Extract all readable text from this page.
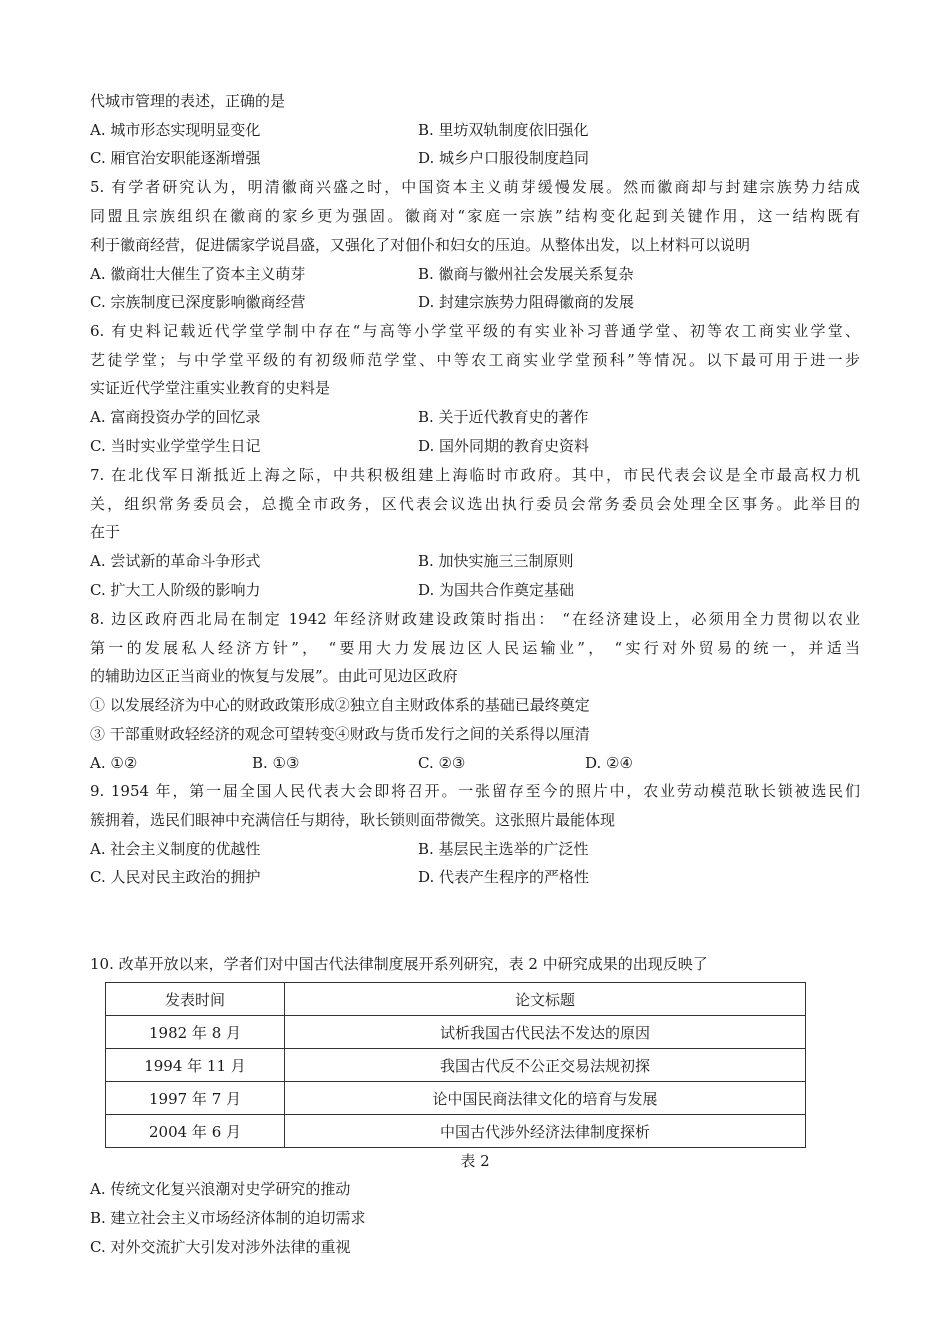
代城市管理的表述，正确的是
A. 城市形态实现明显变化	B. 里坊双轨制度依旧强化
C. 厢官治安职能逐渐增强	D. 城乡户口服役制度趋同
5. 有学者研究认为，明清徽商兴盛之时，中国资本主义萌芽缓慢发展。然而徽商却与封建宗族势力结成
同盟且宗族组织在徽商的家乡更为强固。徽商对“家庭一宗族”结构变化起到关键作用，这一结构既有
利于徽商经营，促进儒家学说昌盛，又强化了对佃仆和妇女的压迫。从整体出发，以上材料可以说明
A. 徽商壮大催生了资本主义萌芽	B. 徽商与徽州社会发展关系复杂
C. 宗族制度已深度影响徽商经营	D. 封建宗族势力阻碍徽商的发展
6. 有史料记载近代学堂学制中存在“与高等小学堂平级的有实业补习普通学堂、初等农工商实业学堂、
艺徒学堂；与中学堂平级的有初级师范学堂、中等农工商实业学堂预科”等情况。以下最可用于进一步
实证近代学堂注重实业教育的史料是
A. 富商投资办学的回忆录	B. 关于近代教育史的著作
C. 当时实业学堂学生日记	D. 国外同期的教育史资料
7. 在北伐军日渐抵近上海之际，中共积极组建上海临时市政府。其中，市民代表会议是全市最高权力机
关，组织常务委员会，总揽全市政务，区代表会议选出执行委员会常务委员会处理全区事务。此举目的
在于
A. 尝试新的革命斗争形式	B. 加快实施三三制原则
C. 扩大工人阶级的影响力	D. 为国共合作奠定基础
8. 边区政府西北局在制定 1942 年经济财政建设政策时指出： “在经济建设上，必须用全力贯彻以农业
第一的发展私人经济方针”， “要用大力发展边区人民运输业”， “实行对外贸易的统一，并适当
的辅助边区正当商业的恢复与发展”。由此可见边区政府
① 以发展经济为中心的财政政策形成②独立自主财政体系的基础已最终奠定
③ 干部重财政轻经济的观念可望转变④财政与货币发行之间的关系得以厘清
A. ①②	B. ①③	C. ②③	D. ②④
9. 1954 年，第一届全国人民代表大会即将召开。一张留存至今的照片中，农业劳动模范耿长锁被选民们
簇拥着，选民们眼神中充满信任与期待，耿长锁则面带微笑。这张照片最能体现
A. 社会主义制度的优越性	B. 基层民主选举的广泛性
C. 人民对民主政治的拥护	D. 代表产生程序的严格性
10. 改革开放以来，学者们对中国古代法律制度展开系列研究，表 2 中研究成果的出现反映了
发表时间	论文标题
1982 年 8 月	试析我国古代民法不发达的原因
1994 年 11 月	我国古代反不公正交易法规初探
1997 年 7 月	论中国民商法律文化的培育与发展
2004 年 6 月	中国古代涉外经济法律制度探析
表 2
A. 传统文化复兴浪潮对史学研究的推动
B. 建立社会主义市场经济体制的迫切需求
C. 对外交流扩大引发对涉外法律的重视
